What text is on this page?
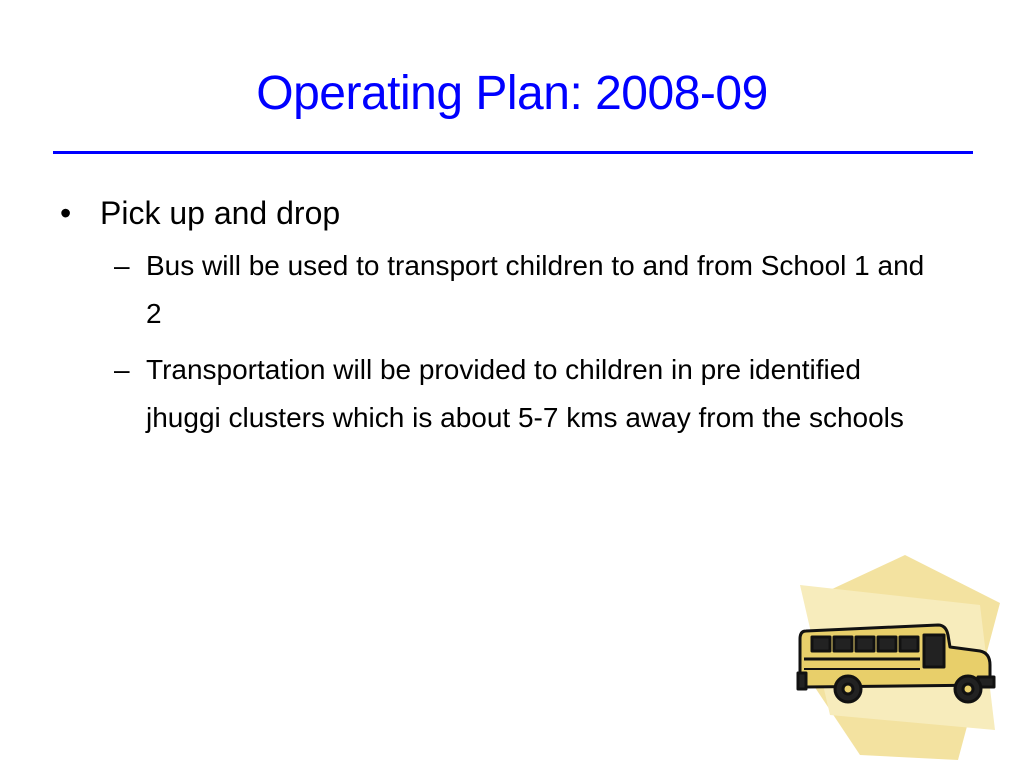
Operating Plan: 2008-09
• Pick up and drop
– Bus will be used to transport children to and from School 1 and 2
– Transportation will be provided to children in pre identified jhuggi clusters which is about 5-7 kms away from the schools
